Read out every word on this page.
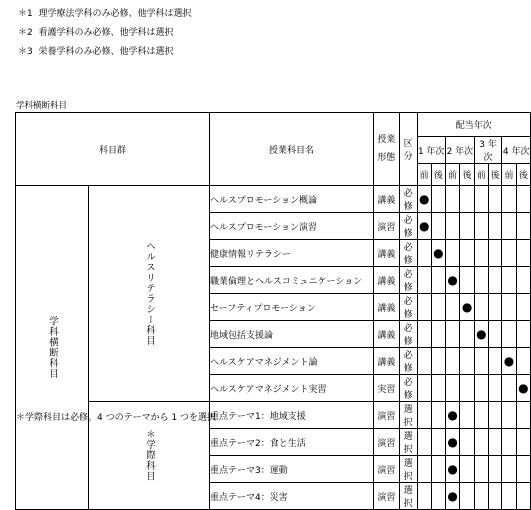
＊1 理学療法学科のみ必修、他学科は選択
＊2 看護学科のみ必修、他学科は選択
＊3 栄養学科のみ必修、他学科は選択
学科横断科目
科目群		授業科目名	授業形態	区分	配当年次							
					1 年次		2 年次		3 年次		4 年次	
					前	後	前	後	前	後	前	後

学科横断科目	ヘルスリテラシー科目	ヘルスプロモーション概論	講義	必修	●							
		ヘルスプロモーション演習	演習	必修	●							
		健康情報リテラシー	講義	必修		●						
		職業倫理とヘルスコミュニケーション	講義	必修			●					
		セーフティプロモーション	講義	必修				●				
		地域包括支援論	講義	必修					●			
		ヘルスケアマネジメント論	講義	必修							●	
		ヘルスケアマネジメント実習	実習	必修								●

	＊学際科目	重点テーマ1：地域支援	演習	選択			●					
		重点テーマ2：食と生活	演習	選択			●					
		重点テーマ3：運動	演習	選択			●					
		重点テーマ4：災害	演習	選択			●					
＊学際科目は必修。4 つのテーマから 1 つを選択
